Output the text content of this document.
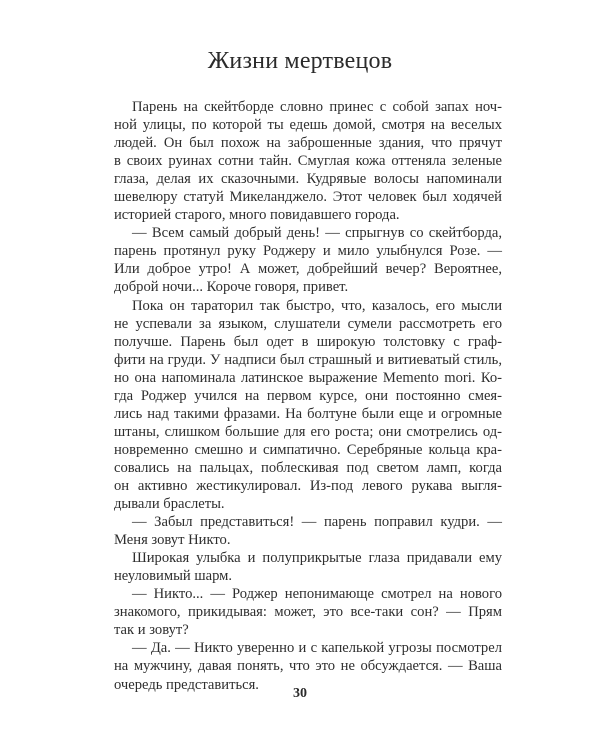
Жизни мертвецов
Парень на скейтборде словно принес с собой запах ноч-
ной улицы, по которой ты едешь домой, смотря на веселых
людей. Он был похож на заброшенные здания, что прячут
в своих руинах сотни тайн. Смуглая кожа оттеняла зеленые
глаза, делая их сказочными. Кудрявые волосы напоминали
шевелюру статуй Микеланджело. Этот человек был ходячей
историей старого, много повидавшего города.
— Всем самый добрый день! — спрыгнув со скейтборда,
парень протянул руку Роджеру и мило улыбнулся Розе. —
Или доброе утро! А может, добрейший вечер? Вероятнее,
доброй ночи... Короче говоря, привет.
Пока он тараторил так быстро, что, казалось, его мысли
не успевали за языком, слушатели сумели рассмотреть его
получше. Парень был одет в широкую толстовку с граф-
фити на груди. У надписи был страшный и витиеватый стиль,
но она напоминала латинское выражение Memento mori. Ко-
гда Роджер учился на первом курсе, они постоянно смея-
лись над такими фразами. На болтуне были еще и огромные
штаны, слишком большие для его роста; они смотрелись од-
новременно смешно и симпатично. Серебряные кольца кра-
совались на пальцах, поблескивая под светом ламп, когда
он активно жестикулировал. Из-под левого рукава выгля-
дывали браслеты.
— Забыл представиться! — парень поправил кудри. —
Меня зовут Никто.
Широкая улыбка и полуприкрытые глаза придавали ему
неуловимый шарм.
— Никто... — Роджер непонимающе смотрел на нового
знакомого, прикидывая: может, это все-таки сон? — Прям
так и зовут?
— Да. — Никто уверенно и с капелькой угрозы посмотрел
на мужчину, давая понять, что это не обсуждается. — Ваша
очередь представиться.
30
